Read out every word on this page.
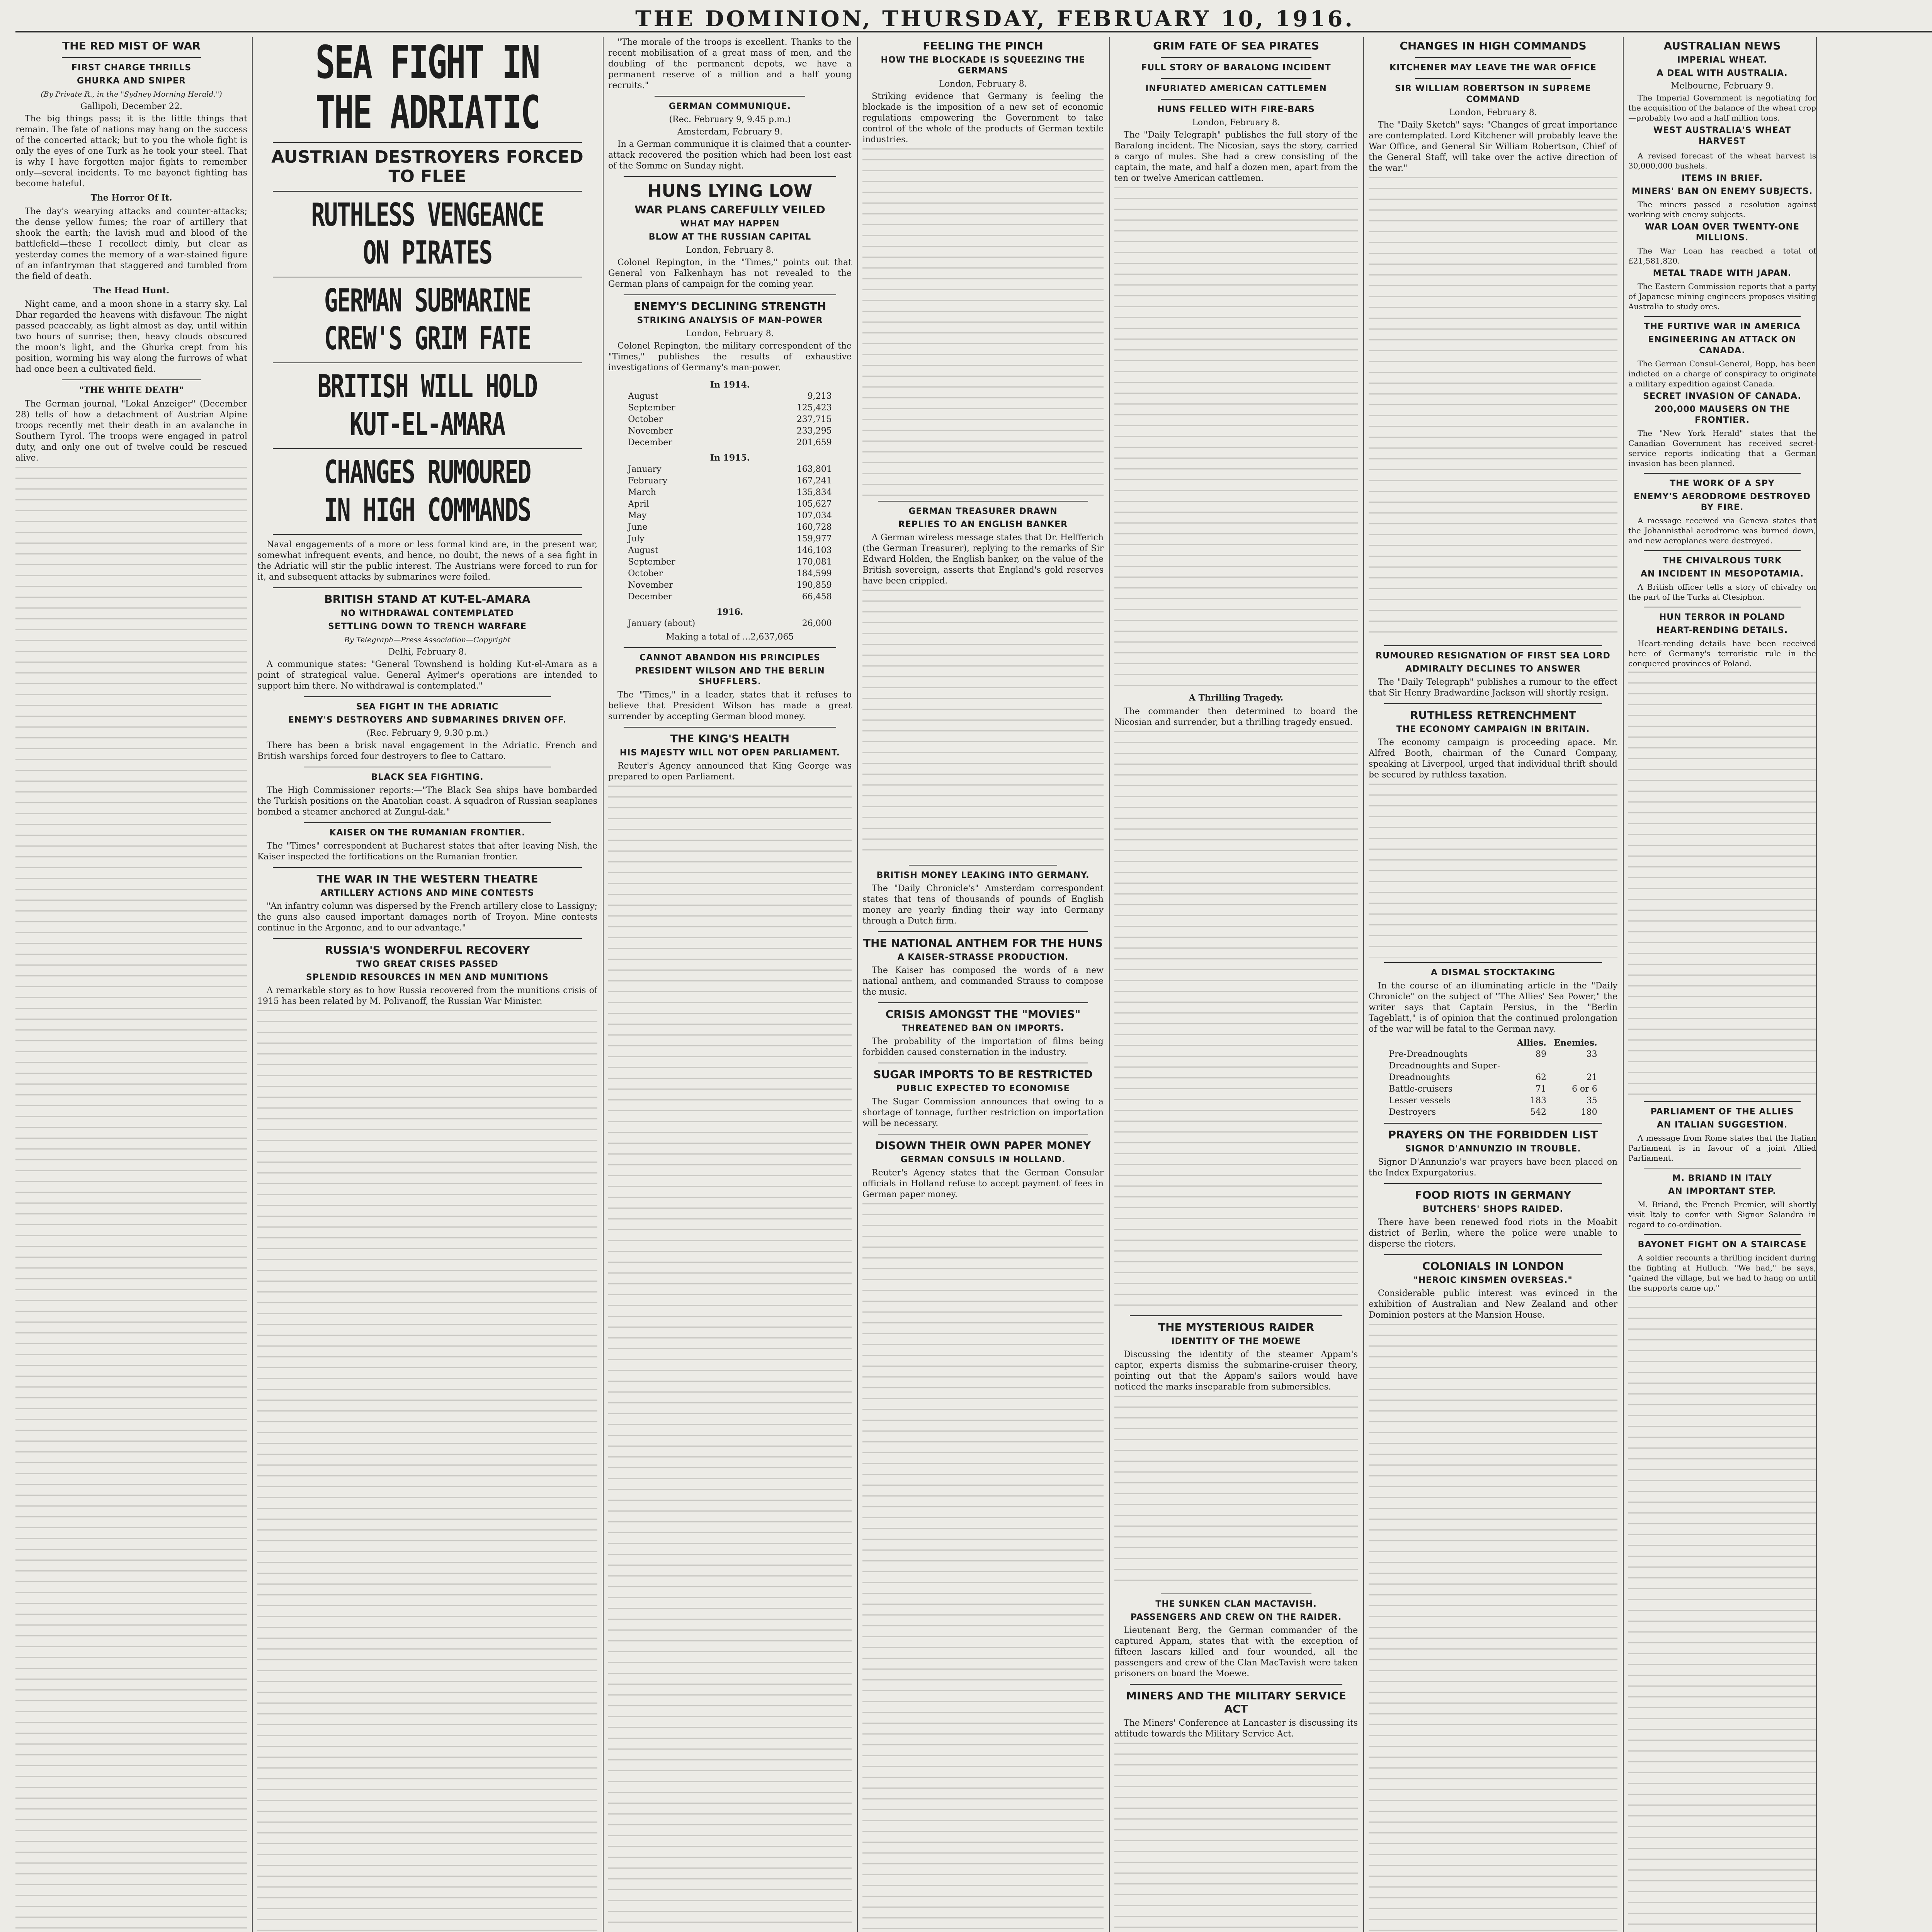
THE DOMINION, THURSDAY, FEBRUARY 10, 1916.
THE RED MIST OF WAR
FIRST CHARGE THRILLS
GHURKA AND SNIPER
(By Private R., in the "Sydney Morning Herald.")
Gallipoli, December 22.

The big things pass; it is the little things that remain. The fate of nations may hang on the success of the concerted attack; but to you the whole fight is only the eyes of one Turk as he took your steel. That is why I have forgotten major fights to remember only—several incidents. To me bayonet fighting has become hateful.

The Horror Of It.

The day's wearying attacks and counter-attacks; the dense yellow fumes; the roar of artillery that shook the earth; the lavish mud and blood of the battlefield—these I recollect dimly, but clear as yesterday comes the memory of a war-stained figure of an infantryman that staggered and tumbled from the field of death.

The Head Hunt.

Night came, and a moon shone in a starry sky. Lal Dhar regarded the heavens with disfavour. The night passed peaceably, as light almost as day, until within two hours of sunrise; then, heavy clouds obscured the moon's light, and the Ghurka crept from his position, worming his way along the furrows of what had once been a cultivated field.

"THE WHITE DEATH"

The German journal, "Lokal Anzeiger" (December 28) tells of how a detachment of Austrian Alpine troops recently met their death in an avalanche in Southern Tyrol. The troops were engaged in patrol duty, and only one out of twelve could be rescued alive.

SEA FIGHT IN THE ADRIATIC
AUSTRIAN DESTROYERS FORCED TO FLEE
RUTHLESS VENGEANCE ON PIRATES
GERMAN SUBMARINE CREW'S GRIM FATE
BRITISH WILL HOLD KUT-EL-AMARA
CHANGES RUMOURED IN HIGH COMMANDS

Naval engagements of a more or less formal kind are, in the present war, somewhat infrequent events, and hence, no doubt, the news of a sea fight in the Adriatic will stir the public interest. The Austrians were forced to run for it, and subsequent attacks by submarines were foiled.

BRITISH STAND AT KUT-EL-AMARA
NO WITHDRAWAL CONTEMPLATED
SETTLING DOWN TO TRENCH WARFARE
By Telegraph—Press Association—Copyright
Delhi, February 8.

A communique states: "General Townshend is holding Kut-el-Amara as a point of strategical value. General Aylmer's operations are intended to support him there. No withdrawal is contemplated."

SEA FIGHT IN THE ADRIATIC
ENEMY'S DESTROYERS AND SUBMARINES DRIVEN OFF.
(Rec. February 9, 9.30 p.m.)

There has been a brisk naval engagement in the Adriatic. French and British warships forced four destroyers to flee to Cattaro.

BLACK SEA FIGHTING.

The High Commissioner reports:—"The Black Sea ships have bombarded the Turkish positions on the Anatolian coast. A squadron of Russian seaplanes bombed a steamer anchored at Zungul-dak."

KAISER ON THE RUMANIAN FRONTIER.

The "Times" correspondent at Bucharest states that after leaving Nish, the Kaiser inspected the fortifications on the Rumanian frontier.

THE WAR IN THE WESTERN THEATRE
ARTILLERY ACTIONS AND MINE CONTESTS

"An infantry column was dispersed by the French artillery close to Lassigny; the guns also caused important damages north of Troyon. Mine contests continue in the Argonne, and to our advantage."

RUSSIA'S WONDERFUL RECOVERY
TWO GREAT CRISES PASSED
SPLENDID RESOURCES IN MEN AND MUNITIONS

A remarkable story as to how Russia recovered from the munitions crisis of 1915 has been related by M. Polivanoff, the Russian War Minister.

"The morale of the troops is excellent. Thanks to the recent mobilisation of a great mass of men, and the doubling of the permanent depots, we have a permanent reserve of a million and a half young recruits."

GERMAN COMMUNIQUE.
(Rec. February 9, 9.45 p.m.)
Amsterdam, February 9.

In a German communique it is claimed that a counter-attack recovered the position which had been lost east of the Somme on Sunday night.

HUNS LYING LOW
WAR PLANS CAREFULLY VEILED
WHAT MAY HAPPEN
BLOW AT THE RUSSIAN CAPITAL
London, February 8.

Colonel Repington, in the "Times," points out that General von Falkenhayn has not revealed to the German plans of campaign for the coming year.

ENEMY'S DECLINING STRENGTH
STRIKING ANALYSIS OF MAN-POWER
London, February 8.

Colonel Repington, the military correspondent of the "Times," publishes the results of exhaustive investigations of Germany's man-power.

In 1914.	
August	9,213
September	125,423
October	237,715
November	233,295
December	201,659
In 1915.	
January	163,801
February	167,241
March	135,834
April	105,627
May	107,034
June	160,728
July	159,977
August	146,103
September	170,081
October	184,599
November	190,859
December	66,458
1916.	
January (about)	26,000
Making a total of ...2,637,065
CANNOT ABANDON HIS PRINCIPLES
PRESIDENT WILSON AND THE BERLIN SHUFFLERS.

The "Times," in a leader, states that it refuses to believe that President Wilson has made a great surrender by accepting German blood money.

THE KING'S HEALTH
HIS MAJESTY WILL NOT OPEN PARLIAMENT.

Reuter's Agency announced that King George was prepared to open Parliament.

FEELING THE PINCH
HOW THE BLOCKADE IS SQUEEZING THE GERMANS
London, February 8.

Striking evidence that Germany is feeling the blockade is the imposition of a new set of economic regulations empowering the Government to take control of the whole of the products of German textile industries.

GERMAN TREASURER DRAWN
REPLIES TO AN ENGLISH BANKER

A German wireless message states that Dr. Helfferich (the German Treasurer), replying to the remarks of Sir Edward Holden, the English banker, on the value of the British sovereign, asserts that England's gold reserves have been crippled.

BRITISH MONEY LEAKING INTO GERMANY.

The "Daily Chronicle's" Amsterdam correspondent states that tens of thousands of pounds of English money are yearly finding their way into Germany through a Dutch firm.

THE NATIONAL ANTHEM FOR THE HUNS
A KAISER-STRASSE PRODUCTION.

The Kaiser has composed the words of a new national anthem, and commanded Strauss to compose the music.

CRISIS AMONGST THE "MOVIES"
THREATENED BAN ON IMPORTS.

The probability of the importation of films being forbidden caused consternation in the industry.

SUGAR IMPORTS TO BE RESTRICTED
PUBLIC EXPECTED TO ECONOMISE

The Sugar Commission announces that owing to a shortage of tonnage, further restriction on importation will be necessary.

DISOWN THEIR OWN PAPER MONEY
GERMAN CONSULS IN HOLLAND.

Reuter's Agency states that the German Consular officials in Holland refuse to accept payment of fees in German paper money.

GRIM FATE OF SEA PIRATES
FULL STORY OF BARALONG INCIDENT
INFURIATED AMERICAN CATTLEMEN
HUNS FELLED WITH FIRE-BARS
London, February 8.

The "Daily Telegraph" publishes the full story of the Baralong incident. The Nicosian, says the story, carried a cargo of mules. She had a crew consisting of the captain, the mate, and half a dozen men, apart from the ten or twelve American cattlemen.

A Thrilling Tragedy.

The commander then determined to board the Nicosian and surrender, but a thrilling tragedy ensued.

THE MYSTERIOUS RAIDER
IDENTITY OF THE MOEWE

Discussing the identity of the steamer Appam's captor, experts dismiss the submarine-cruiser theory, pointing out that the Appam's sailors would have noticed the marks inseparable from submersibles.

THE SUNKEN CLAN MACTAVISH.
PASSENGERS AND CREW ON THE RAIDER.

Lieutenant Berg, the German commander of the captured Appam, states that with the exception of fifteen lascars killed and four wounded, all the passengers and crew of the Clan MacTavish were taken prisoners on board the Moewe.

MINERS AND THE MILITARY SERVICE ACT

The Miners' Conference at Lancaster is discussing its attitude towards the Military Service Act.

CHANGES IN HIGH COMMANDS
KITCHENER MAY LEAVE THE WAR OFFICE
SIR WILLIAM ROBERTSON IN SUPREME COMMAND
London, February 8.

The "Daily Sketch" says: "Changes of great importance are contemplated. Lord Kitchener will probably leave the War Office, and General Sir William Robertson, Chief of the General Staff, will take over the active direction of the war."

RUMOURED RESIGNATION OF FIRST SEA LORD
ADMIRALTY DECLINES TO ANSWER

The "Daily Telegraph" publishes a rumour to the effect that Sir Henry Bradwardine Jackson will shortly resign.

RUTHLESS RETRENCHMENT
THE ECONOMY CAMPAIGN IN BRITAIN.

The economy campaign is proceeding apace. Mr. Alfred Booth, chairman of the Cunard Company, speaking at Liverpool, urged that individual thrift should be secured by ruthless taxation.

A DISMAL STOCKTAKING

In the course of an illuminating article in the "Daily Chronicle" on the subject of "The Allies' Sea Power," the writer says that Captain Persius, in the "Berlin Tageblatt," is of opinion that the continued prolongation of the war will be fatal to the German navy.

	Allies.	Enemies.
Pre-Dreadnoughts	89	33
Dreadnoughts and Super-		
Dreadnoughts	62	21
Battle-cruisers	71	6 or 6
Lesser vessels	183	35
Destroyers	542	180
PRAYERS ON THE FORBIDDEN LIST
SIGNOR D'ANNUNZIO IN TROUBLE.

Signor D'Annunzio's war prayers have been placed on the Index Expurgatorius.

FOOD RIOTS IN GERMANY
BUTCHERS' SHOPS RAIDED.

There have been renewed food riots in the Moabit district of Berlin, where the police were unable to disperse the rioters.

COLONIALS IN LONDON
"HEROIC KINSMEN OVERSEAS."

Considerable public interest was evinced in the exhibition of Australian and New Zealand and other Dominion posters at the Mansion House.

AUSTRALIAN NEWS
IMPERIAL WHEAT.
A DEAL WITH AUSTRALIA.
Melbourne, February 9.

The Imperial Government is negotiating for the acquisition of the balance of the wheat crop—probably two and a half million tons.

WEST AUSTRALIA'S WHEAT HARVEST

A revised forecast of the wheat harvest is 30,000,000 bushels.

ITEMS IN BRIEF.
MINERS' BAN ON ENEMY SUBJECTS.

The miners passed a resolution against working with enemy subjects.

WAR LOAN OVER TWENTY-ONE MILLIONS.

The War Loan has reached a total of £21,581,820.

METAL TRADE WITH JAPAN.

The Eastern Commission reports that a party of Japanese mining engineers proposes visiting Australia to study ores.

THE FURTIVE WAR IN AMERICA
ENGINEERING AN ATTACK ON CANADA.

The German Consul-General, Bopp, has been indicted on a charge of conspiracy to originate a military expedition against Canada.

SECRET INVASION OF CANADA.
200,000 MAUSERS ON THE FRONTIER.

The "New York Herald" states that the Canadian Government has received secret-service reports indicating that a German invasion has been planned.

THE WORK OF A SPY
ENEMY'S AERODROME DESTROYED BY FIRE.

A message received via Geneva states that the Johannisthal aerodrome was burned down, and new aeroplanes were destroyed.

THE CHIVALROUS TURK
AN INCIDENT IN MESOPOTAMIA.

A British officer tells a story of chivalry on the part of the Turks at Ctesiphon.

HUN TERROR IN POLAND
HEART-RENDING DETAILS.

Heart-rending details have been received here of Germany's terroristic rule in the conquered provinces of Poland.

PARLIAMENT OF THE ALLIES
AN ITALIAN SUGGESTION.

A message from Rome states that the Italian Parliament is in favour of a joint Allied Parliament.

M. BRIAND IN ITALY
AN IMPORTANT STEP.

M. Briand, the French Premier, will shortly visit Italy to confer with Signor Salandra in regard to co-ordination.

BAYONET FIGHT ON A STAIRCASE

A soldier recounts a thrilling incident during the fighting at Hulluch. "We had," he says, "gained the village, but we had to hang on until the supports came up."
